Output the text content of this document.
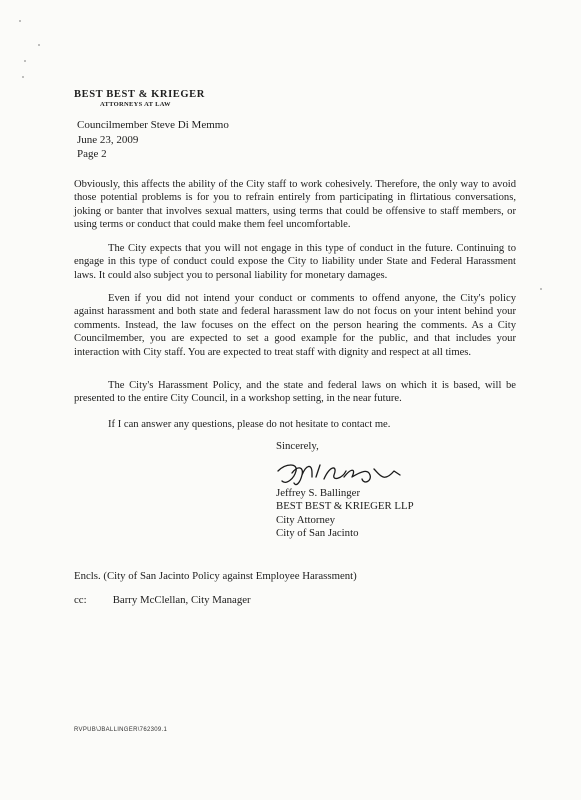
BEST BEST & KRIEGER
ATTORNEYS AT LAW
Councilmember Steve Di Memmo
June 23, 2009
Page 2

Obviously, this affects the ability of the City staff to work cohesively. Therefore, the only way to avoid those potential problems is for you to refrain entirely from participating in flirtatious conversations, joking or banter that involves sexual matters, using terms that could be offensive to staff members, or using terms or conduct that could make them feel uncomfortable.

The City expects that you will not engage in this type of conduct in the future. Continuing to engage in this type of conduct could expose the City to liability under State and Federal Harassment laws. It could also subject you to personal liability for monetary damages.

Even if you did not intend your conduct or comments to offend anyone, the City's policy against harassment and both state and federal harassment law do not focus on your intent behind your comments. Instead, the law focuses on the effect on the person hearing the comments. As a City Councilmember, you are expected to set a good example for the public, and that includes your interaction with City staff. You are expected to treat staff with dignity and respect at all times.

The City's Harassment Policy, and the state and federal laws on which it is based, will be presented to the entire City Council, in a workshop setting, in the near future.

If I can answer any questions, please do not hesitate to contact me.

Sincerely,
Jeffrey S. Ballinger
BEST BEST & KRIEGER LLP
City Attorney
City of San Jacinto
Encls. (City of San Jacinto Policy against Employee Harassment)
cc: Barry McClellan, City Manager
RVPUB\JBALLINGER\762309.1
